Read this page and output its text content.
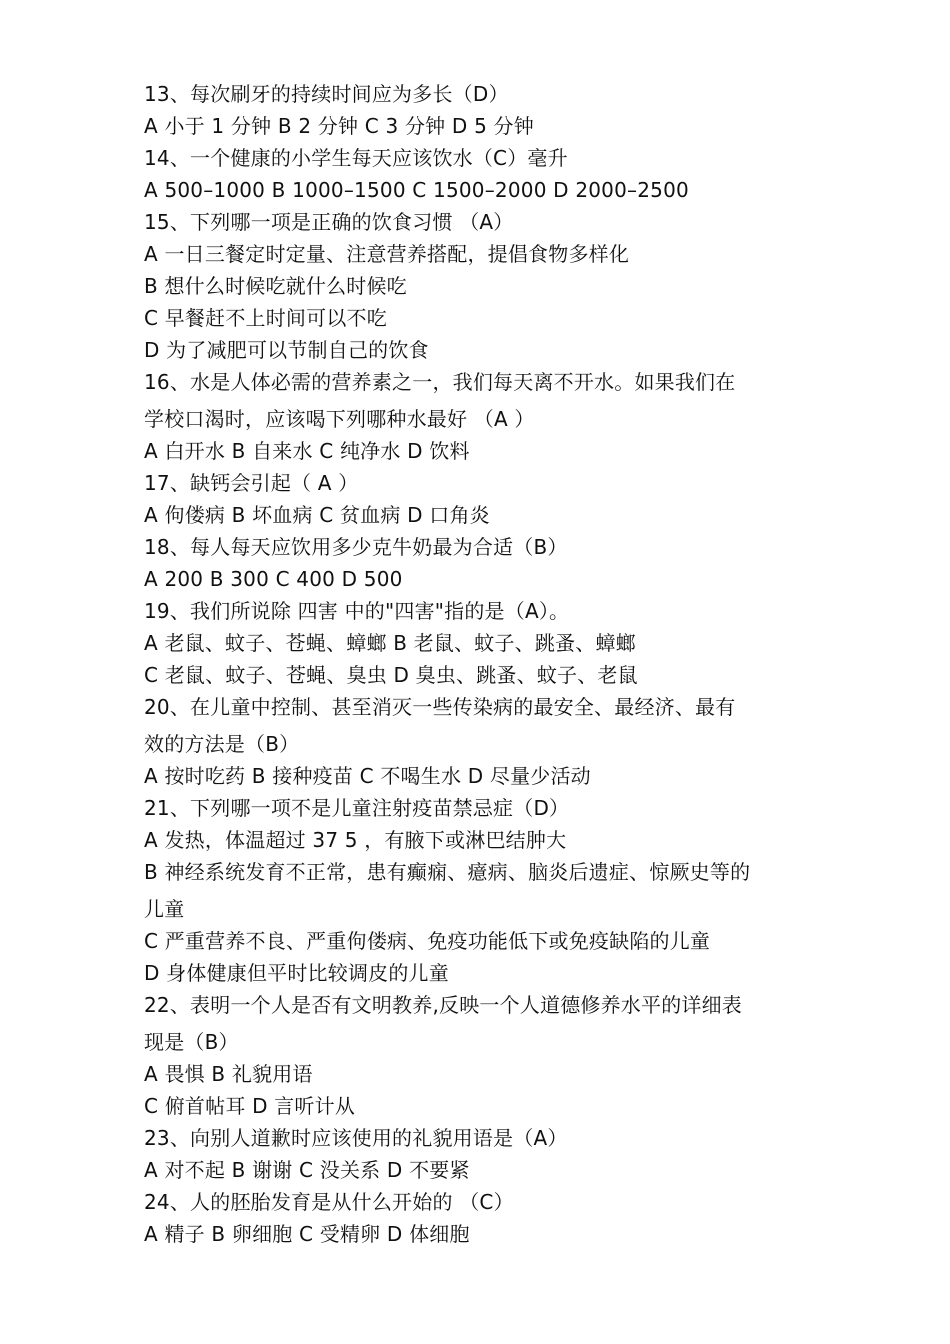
13、每次刷牙的持续时间应为多长（D）
A 小于 1 分钟 B 2 分钟 C 3 分钟 D 5 分钟
14、一个健康的小学生每天应该饮水（C）毫升
A 500–1000 B 1000–1500 C 1500–2000 D 2000–2500
15、下列哪一项是正确的饮食习惯 （A）
A 一日三餐定时定量、注意营养搭配，提倡食物多样化
B 想什么时候吃就什么时候吃
C 早餐赶不上时间可以不吃
D 为了减肥可以节制自己的饮食
16、水是人体必需的营养素之一，我们每天离不开水。如果我们在
学校口渴时，应该喝下列哪种水最好 （A ）
A 白开水 B 自来水 C 纯净水 D 饮料
17、缺钙会引起（ A ）
A 佝偻病 B 坏血病 C 贫血病 D 口角炎
18、每人每天应饮用多少克牛奶最为合适（B）
A 200 B 300 C 400 D 500
19、我们所说除 四害 中的"四害"指的是（A）。
A 老鼠、蚊子、苍蝇、蟑螂 B 老鼠、蚊子、跳蚤、蟑螂
C 老鼠、蚊子、苍蝇、臭虫 D 臭虫、跳蚤、蚊子、老鼠
20、在儿童中控制、甚至消灭一些传染病的最安全、最经济、最有
效的方法是（B）
A 按时吃药 B 接种疫苗 C 不喝生水 D 尽量少活动
21、下列哪一项不是儿童注射疫苗禁忌症（D）
A 发热，体温超过 37 5 ，有腋下或淋巴结肿大
B 神经系统发育不正常，患有癫痫、癔病、脑炎后遗症、惊厥史等的
儿童
C 严重营养不良、严重佝偻病、免疫功能低下或免疫缺陷的儿童
D 身体健康但平时比较调皮的儿童
22、表明一个人是否有文明教养,反映一个人道德修养水平的详细表
现是（B）
A 畏惧 B 礼貌用语
C 俯首帖耳 D 言听计从
23、向别人道歉时应该使用的礼貌用语是（A）
A 对不起 B 谢谢 C 没关系 D 不要紧
24、人的胚胎发育是从什么开始的 （C）
A 精子 B 卵细胞 C 受精卵 D 体细胞
